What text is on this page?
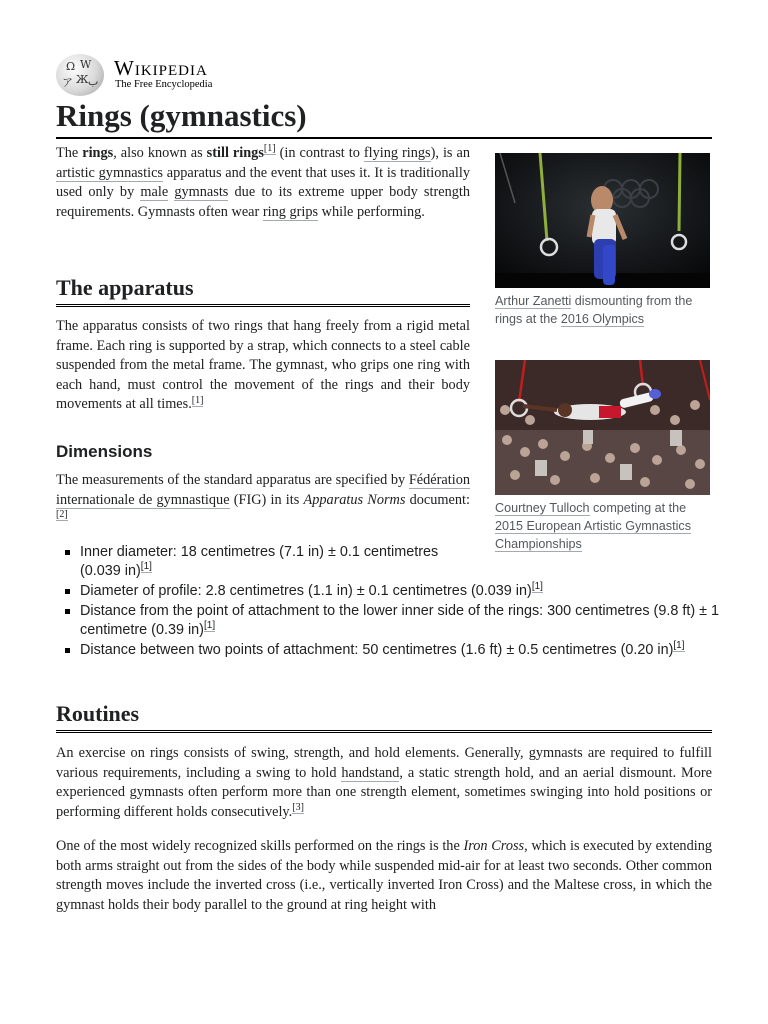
Ω W
ア Ж ب
Wikipedia
The Free Encyclopedia
Rings (gymnastics)

The rings, also known as still rings[1] (in contrast to flying rings), is an artistic gymnastics apparatus and the event that uses it. It is traditionally used only by male gymnasts due to its extreme upper body strength requirements. Gymnasts often wear ring grips while performing.

The apparatus

The apparatus consists of two rings that hang freely from a rigid metal frame. Each ring is supported by a strap, which connects to a steel cable suspended from the metal frame. The gymnast, who grips one ring with each hand, must control the movement of the rings and their body movements at all times.[1]

Dimensions

The measurements of the standard apparatus are specified by Fédération internationale de gymnastique (FIG) in its Apparatus Norms document:[2]

Inner diameter: 18 centimetres (7.1 in) ± 0.1 centimetres (0.039 in)[1]
Diameter of profile: 2.8 centimetres (1.1 in) ± 0.1 centimetres (0.039 in)[1]
Distance from the point of attachment to the lower inner side of the rings: 300 centimetres (9.8 ft) ± 1 centimetre (0.39 in)[1]
Distance between two points of attachment: 50 centimetres (1.6 ft) ± 0.5 centimetres (0.20 in)[1]
Routines

An exercise on rings consists of swing, strength, and hold elements. Generally, gymnasts are required to fulfill various requirements, including a swing to hold handstand, a static strength hold, and an aerial dismount. More experienced gymnasts often perform more than one strength element, sometimes swinging into hold positions or performing different holds consecutively.[3]

One of the most widely recognized skills performed on the rings is the Iron Cross, which is executed by extending both arms straight out from the sides of the body while suspended mid-air for at least two seconds. Other common strength moves include the inverted cross (i.e., vertically inverted Iron Cross) and the Maltese cross, in which the gymnast holds their body parallel to the ground at ring height with

Arthur Zanetti dismounting from the rings at the 2016 Olympics
Courtney Tulloch competing at the 2015 European Artistic Gymnastics Championships
